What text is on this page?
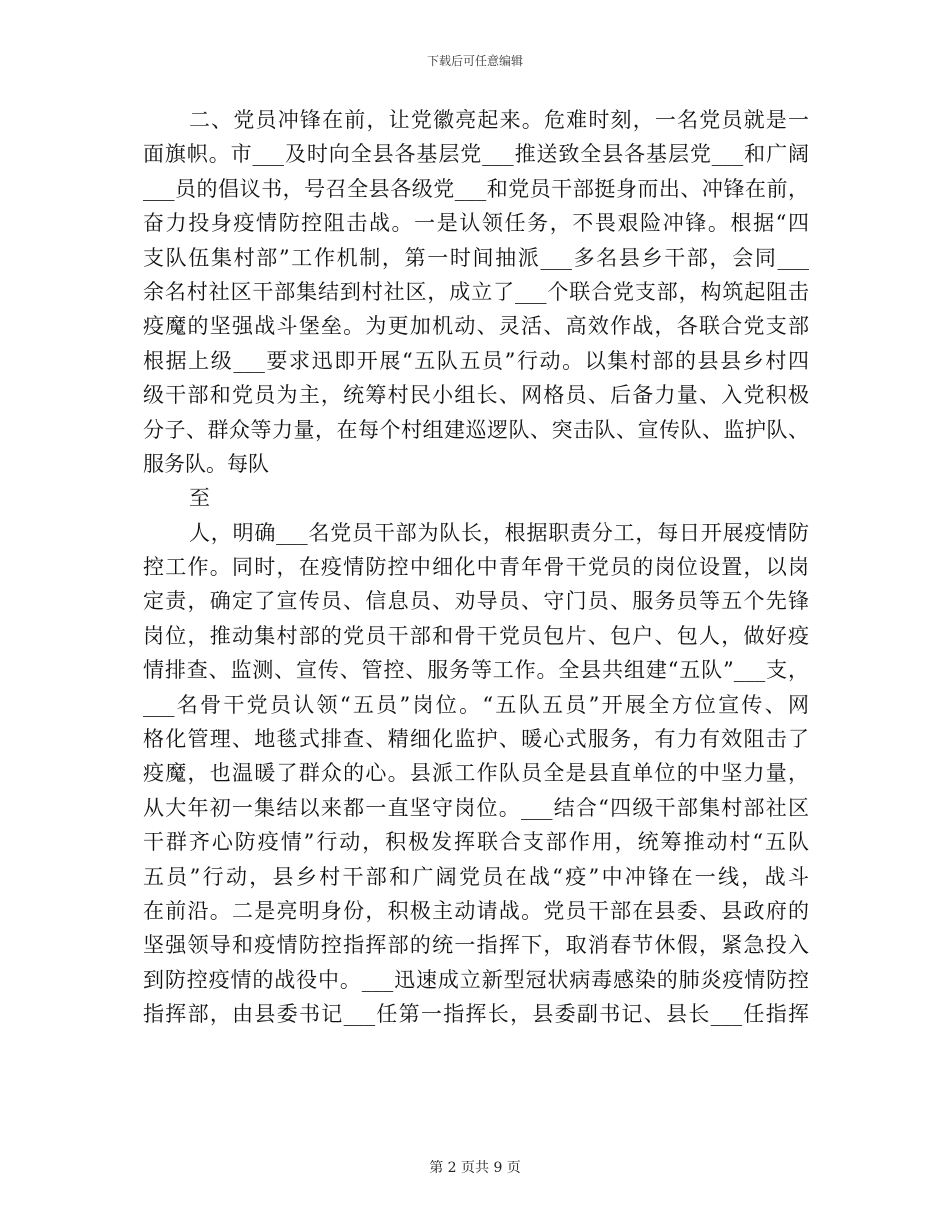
下载后可任意编辑
二、党员冲锋在前，让党徽亮起来。危难时刻，一名党员就是一
面旗帜。市___及时向全县各基层党___推送致全县各基层党___和广阔
___员的倡议书，号召全县各级党___和党员干部挺身而出、冲锋在前，
奋力投身疫情防控阻击战。一是认领任务，不畏艰险冲锋。根据“四
支队伍集村部”工作机制，第一时间抽派___多名县乡干部，会同___
余名村社区干部集结到村社区，成立了___个联合党支部，构筑起阻击
疫魔的坚强战斗堡垒。为更加机动、灵活、高效作战，各联合党支部
根据上级___要求迅即开展“五队五员”行动。以集村部的县县乡村四
级干部和党员为主，统筹村民小组长、网格员、后备力量、入党积极
分子、群众等力量，在每个村组建巡逻队、突击队、宣传队、监护队、
服务队。每队
至
人，明确___名党员干部为队长，根据职责分工，每日开展疫情防
控工作。同时，在疫情防控中细化中青年骨干党员的岗位设置，以岗
定责，确定了宣传员、信息员、劝导员、守门员、服务员等五个先锋
岗位，推动集村部的党员干部和骨干党员包片、包户、包人，做好疫
情排查、监测、宣传、管控、服务等工作。全县共组建“五队”___支，
___名骨干党员认领“五员”岗位。“五队五员”开展全方位宣传、网
格化管理、地毯式排查、精细化监护、暖心式服务，有力有效阻击了
疫魔，也温暖了群众的心。县派工作队员全是县直单位的中坚力量，
从大年初一集结以来都一直坚守岗位。___结合“四级干部集村部社区
干群齐心防疫情”行动，积极发挥联合支部作用，统筹推动村“五队
五员”行动，县乡村干部和广阔党员在战“疫”中冲锋在一线，战斗
在前沿。二是亮明身份，积极主动请战。党员干部在县委、县政府的
坚强领导和疫情防控指挥部的统一指挥下，取消春节休假，紧急投入
到防控疫情的战役中。___迅速成立新型冠状病毒感染的肺炎疫情防控
指挥部，由县委书记___任第一指挥长，县委副书记、县长___任指挥
第 2 页共 9 页
